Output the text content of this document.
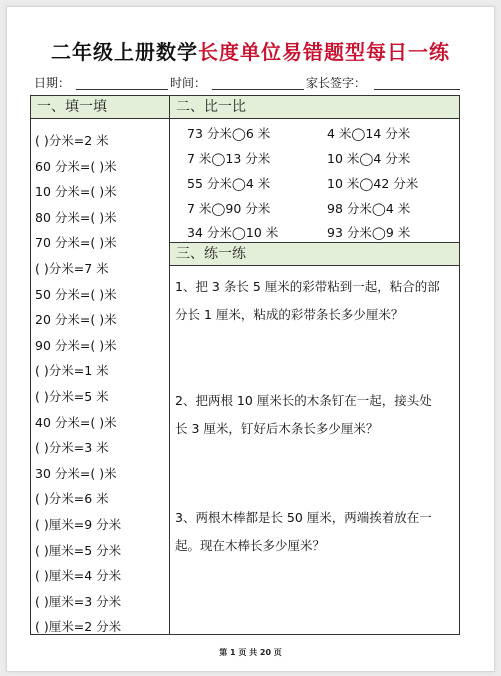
二年级上册数学长度单位易错题型每日一练
日期：	时间：	家长签字：
一、填一填	二、比一比
三、练一练
( )分米=2 米
60 分米=( )米
10 分米=( )米
80 分米=( )米
70 分米=( )米
( )分米=7 米
50 分米=( )米
20 分米=( )米
90 分米=( )米
( )分米=1 米
( )分米=5 米
40 分米=( )米
( )分米=3 米
30 分米=( )米
( )分米=6 米
( )厘米=9 分米
( )厘米=5 分米
( )厘米=4 分米
( )厘米=3 分米
( )厘米=2 分米
73 分米◯6 米	4 米◯14 分米
7 米◯13 分米	10 米◯4 分米
55 分米◯4 米	10 米◯42 分米
7 米◯90 分米	98 分米◯4 米
34 分米◯10 米	93 分米◯9 米
1、把 3 条长 5 厘米的彩带粘到一起，粘合的部
分长 1 厘米，粘成的彩带条长多少厘米？
2、把两根 10 厘米长的木条钉在一起，接头处
长 3 厘米，钉好后木条长多少厘米？
3、两根木棒都是长 50 厘米，两端挨着放在一
起。现在木棒长多少厘米？
第 1 页 共 20 页
